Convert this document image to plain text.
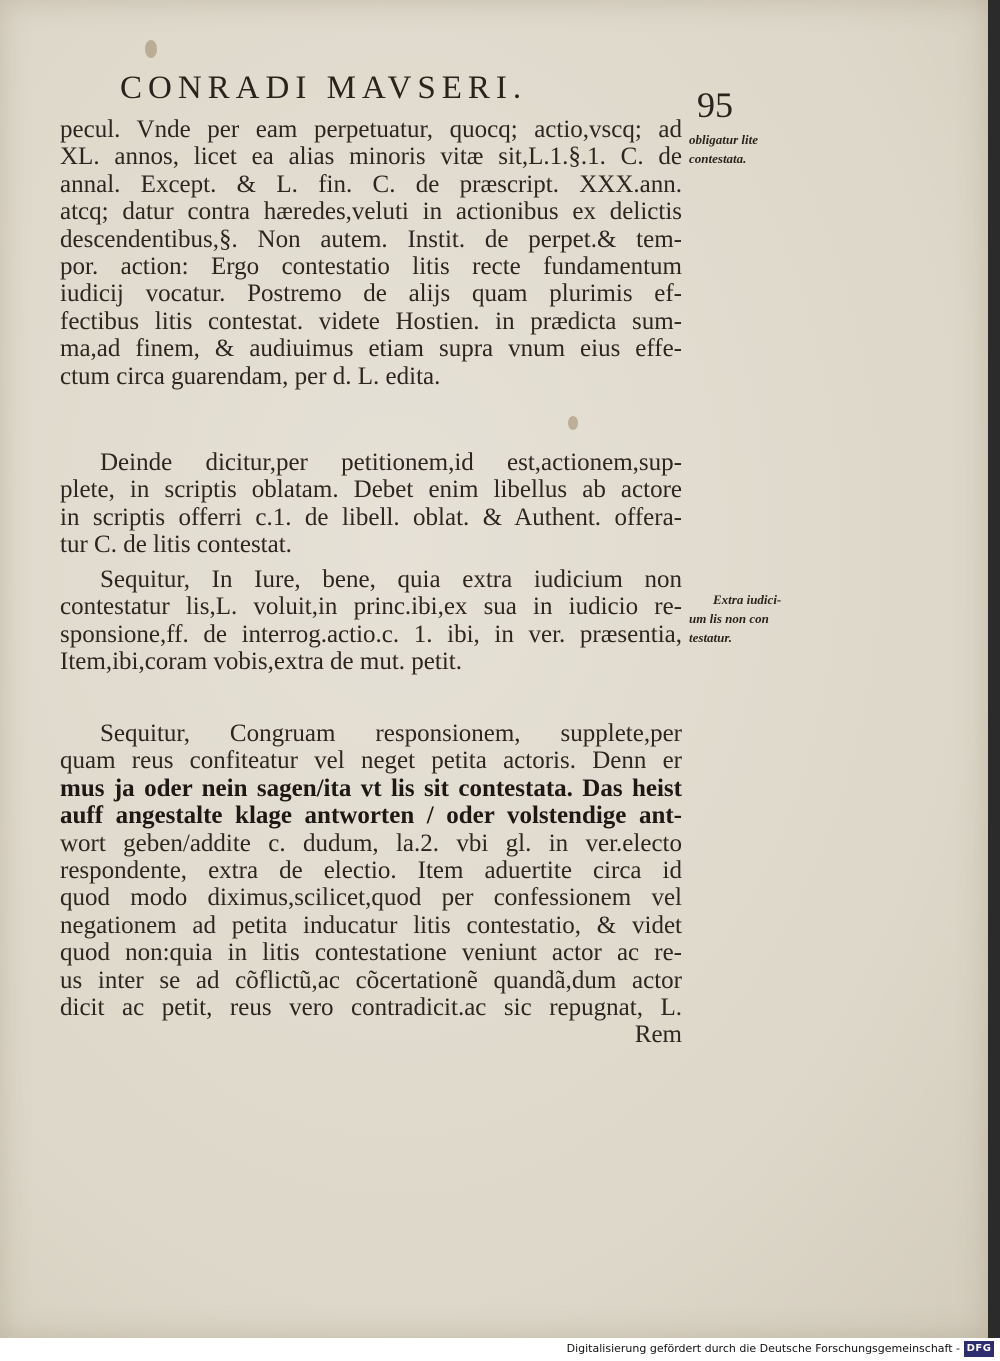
CONRADI MAVSERI.	95
pecul. Vnde per eam perpetuatur, quocq; actio,vscq; ad
XL. annos, licet ea alias minoris vitæ sit,L.1.§.1. C. de
annal. Except. & L. fin. C. de præscript. XXX.ann.
atcq; datur contra hæredes,veluti in actionibus ex delictis
descendentibus,§. Non autem. Instit. de perpet.& tem-
por. action: Ergo contestatio litis recte fundamentum
iudicij vocatur. Postremo de alijs quam plurimis ef-
fectibus litis contestat. videte Hostien. in prædicta sum-
ma,ad finem, & audiuimus etiam supra vnum eius effe-
ctum circa guarendam, per d. L. edita.
Deinde dicitur,per petitionem,id est,actionem,sup-
plete, in scriptis oblatam. Debet enim libellus ab actore
in scriptis offerri c.1. de libell. oblat. & Authent. offera-
tur C. de litis contestat.
Sequitur, In Iure, bene, quia extra iudicium non
contestatur lis,L. voluit,in princ.ibi,ex sua in iudicio re-
sponsione,ff. de interrog.actio.c. 1. ibi, in ver. præsentia,
Item,ibi,coram vobis,extra de mut. petit.
Sequitur, Congruam responsionem, supplete,per
quam reus confiteatur vel neget petita actoris. Denn er
mus ja oder nein sagen/ita vt lis sit contestata. Das heist
auff angestalte klage antworten / oder volstendige ant-
wort geben/addite c. dudum, la.2. vbi gl. in ver.electo
respondente, extra de electio. Item aduertite circa id
quod modo diximus,scilicet,quod per confessionem vel
negationem ad petita inducatur litis contestatio, & videt
quod non:quia in litis contestatione veniunt actor ac re-
us inter se ad cõflictũ,ac cõcertationẽ quandã,dum actor
dicit ac petit, reus vero contradicit.ac sic repugnat, L.
Rem
obligatur lite
contestata.
Extra iudici-
um lis non con
testatur.
Digitalisierung gefördert durch die Deutsche Forschungsgemeinschaft - DFG
